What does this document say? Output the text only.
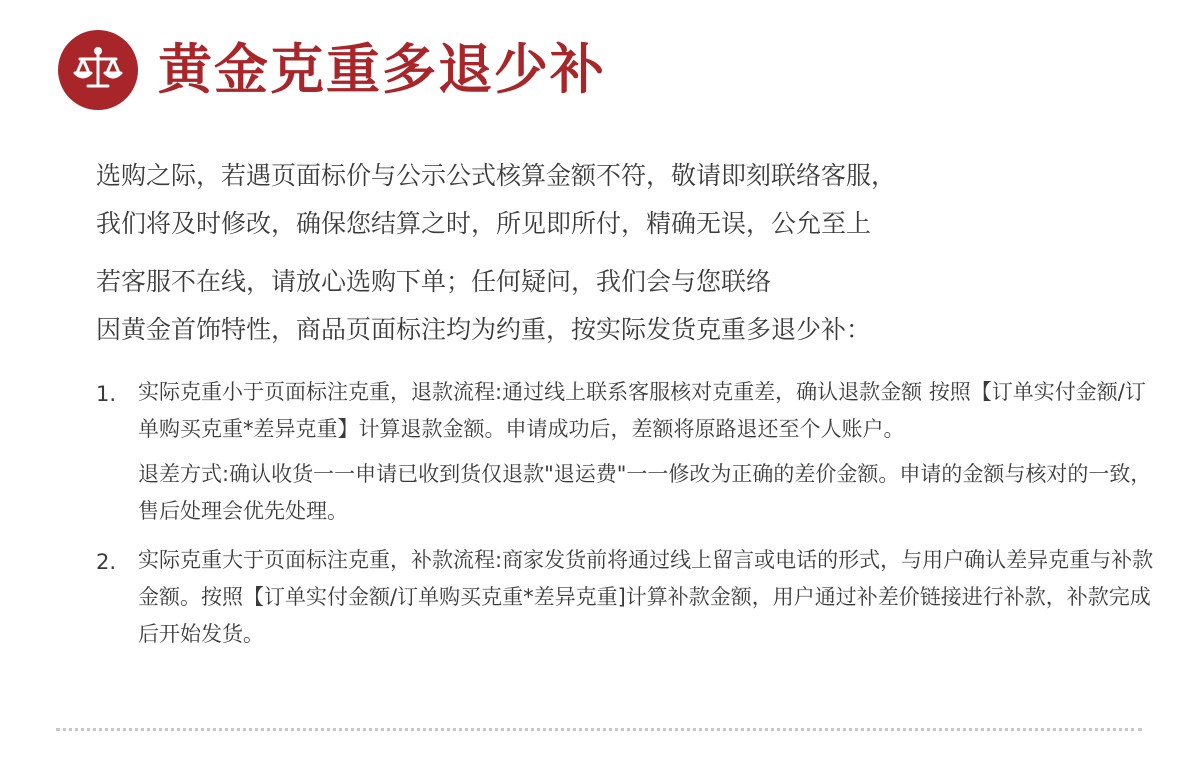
黄金克重多退少补

选购之际，若遇页面标价与公示公式核算金额不符，敬请即刻联络客服，

我们将及时修改，确保您结算之时，所见即所付，精确无误，公允至上

若客服不在线，请放心选购下单；任何疑问，我们会与您联络

因黄金首饰特性，商品页面标注均为约重，按实际发货克重多退少补：

1.	实际克重小于页面标注克重，退款流程:通过线上联系客服核对克重差，确认退款金额 按照【订单实付金额/订单购买克重*差异克重】计算退款金额。申请成功后，差额将原路退还至个人账户。

退差方式:确认收货一一申请已收到货仅退款"退运费"一一修改为正确的差价金额。申请的金额与核对的一致，售后处理会优先处理。

2.	实际克重大于页面标注克重，补款流程:商家发货前将通过线上留言或电话的形式，与用户确认差异克重与补款金额。按照【订单实付金额/订单购买克重*差异克重]计算补款金额，用户通过补差价链接进行补款，补款完成后开始发货。
